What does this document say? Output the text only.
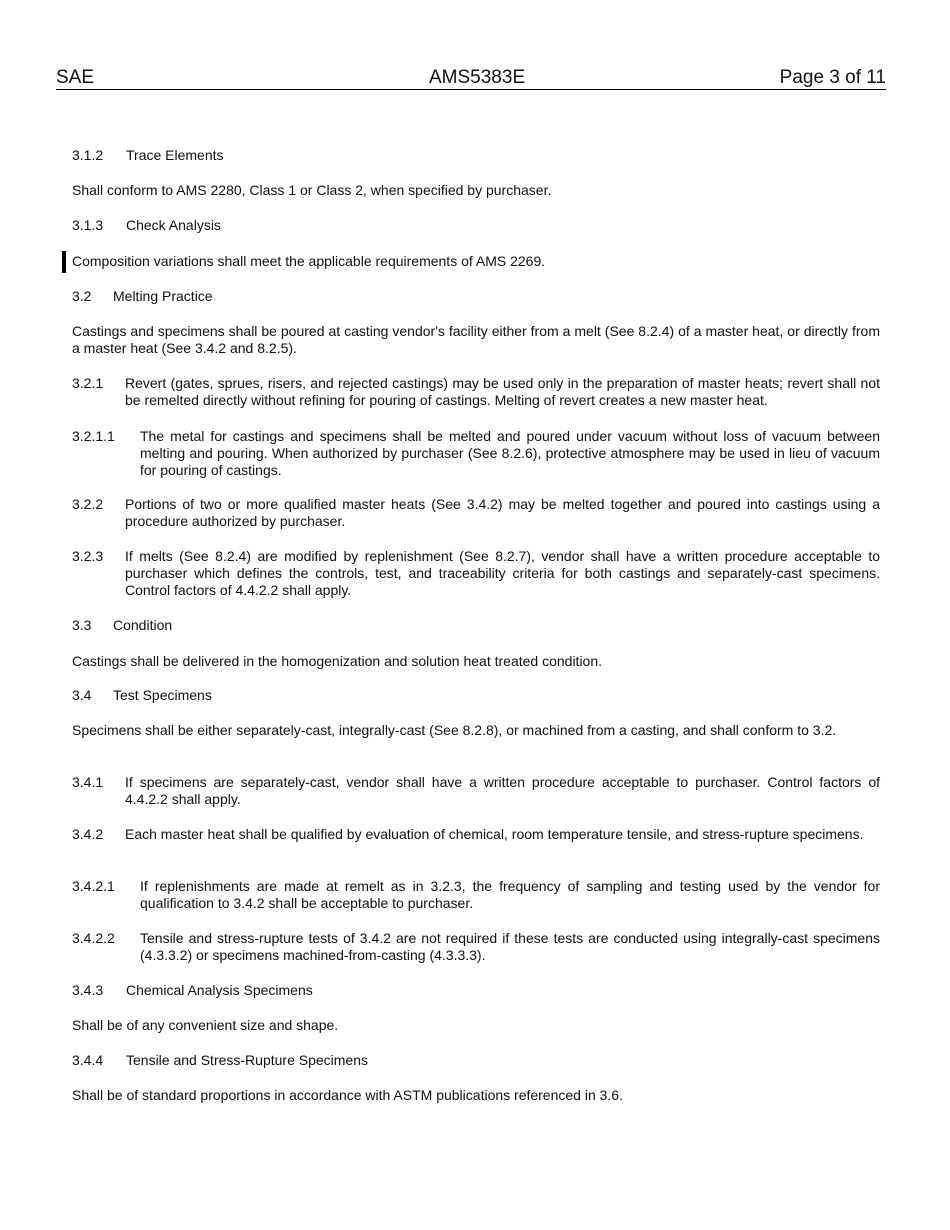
SAE	AMS5383E	Page 3 of 11
3.1.2 Trace Elements
Shall conform to AMS 2280, Class 1 or Class 2, when specified by purchaser.
3.1.3 Check Analysis
Composition variations shall meet the applicable requirements of AMS 2269.
3.2 Melting Practice
Castings and specimens shall be poured at casting vendor's facility either from a melt (See 8.2.4) of a master heat, or directly from a master heat (See 3.4.2 and 8.2.5).
3.2.1 Revert (gates, sprues, risers, and rejected castings) may be used only in the preparation of master heats; revert shall not be remelted directly without refining for pouring of castings. Melting of revert creates a new master heat.
3.2.1.1 The metal for castings and specimens shall be melted and poured under vacuum without loss of vacuum between melting and pouring. When authorized by purchaser (See 8.2.6), protective atmosphere may be used in lieu of vacuum for pouring of castings.
3.2.2 Portions of two or more qualified master heats (See 3.4.2) may be melted together and poured into castings using a procedure authorized by purchaser.
3.2.3 If melts (See 8.2.4) are modified by replenishment (See 8.2.7), vendor shall have a written procedure acceptable to purchaser which defines the controls, test, and traceability criteria for both castings and separately-cast specimens. Control factors of 4.4.2.2 shall apply.
3.3 Condition
Castings shall be delivered in the homogenization and solution heat treated condition.
3.4 Test Specimens
Specimens shall be either separately-cast, integrally-cast (See 8.2.8), or machined from a casting, and shall conform to 3.2.
3.4.1 If specimens are separately-cast, vendor shall have a written procedure acceptable to purchaser. Control factors of 4.4.2.2 shall apply.
3.4.2 Each master heat shall be qualified by evaluation of chemical, room temperature tensile, and stress-rupture specimens.
3.4.2.1 If replenishments are made at remelt as in 3.2.3, the frequency of sampling and testing used by the vendor for qualification to 3.4.2 shall be acceptable to purchaser.
3.4.2.2 Tensile and stress-rupture tests of 3.4.2 are not required if these tests are conducted using integrally-cast specimens (4.3.3.2) or specimens machined-from-casting (4.3.3.3).
3.4.3 Chemical Analysis Specimens
Shall be of any convenient size and shape.
3.4.4 Tensile and Stress-Rupture Specimens
Shall be of standard proportions in accordance with ASTM publications referenced in 3.6.
